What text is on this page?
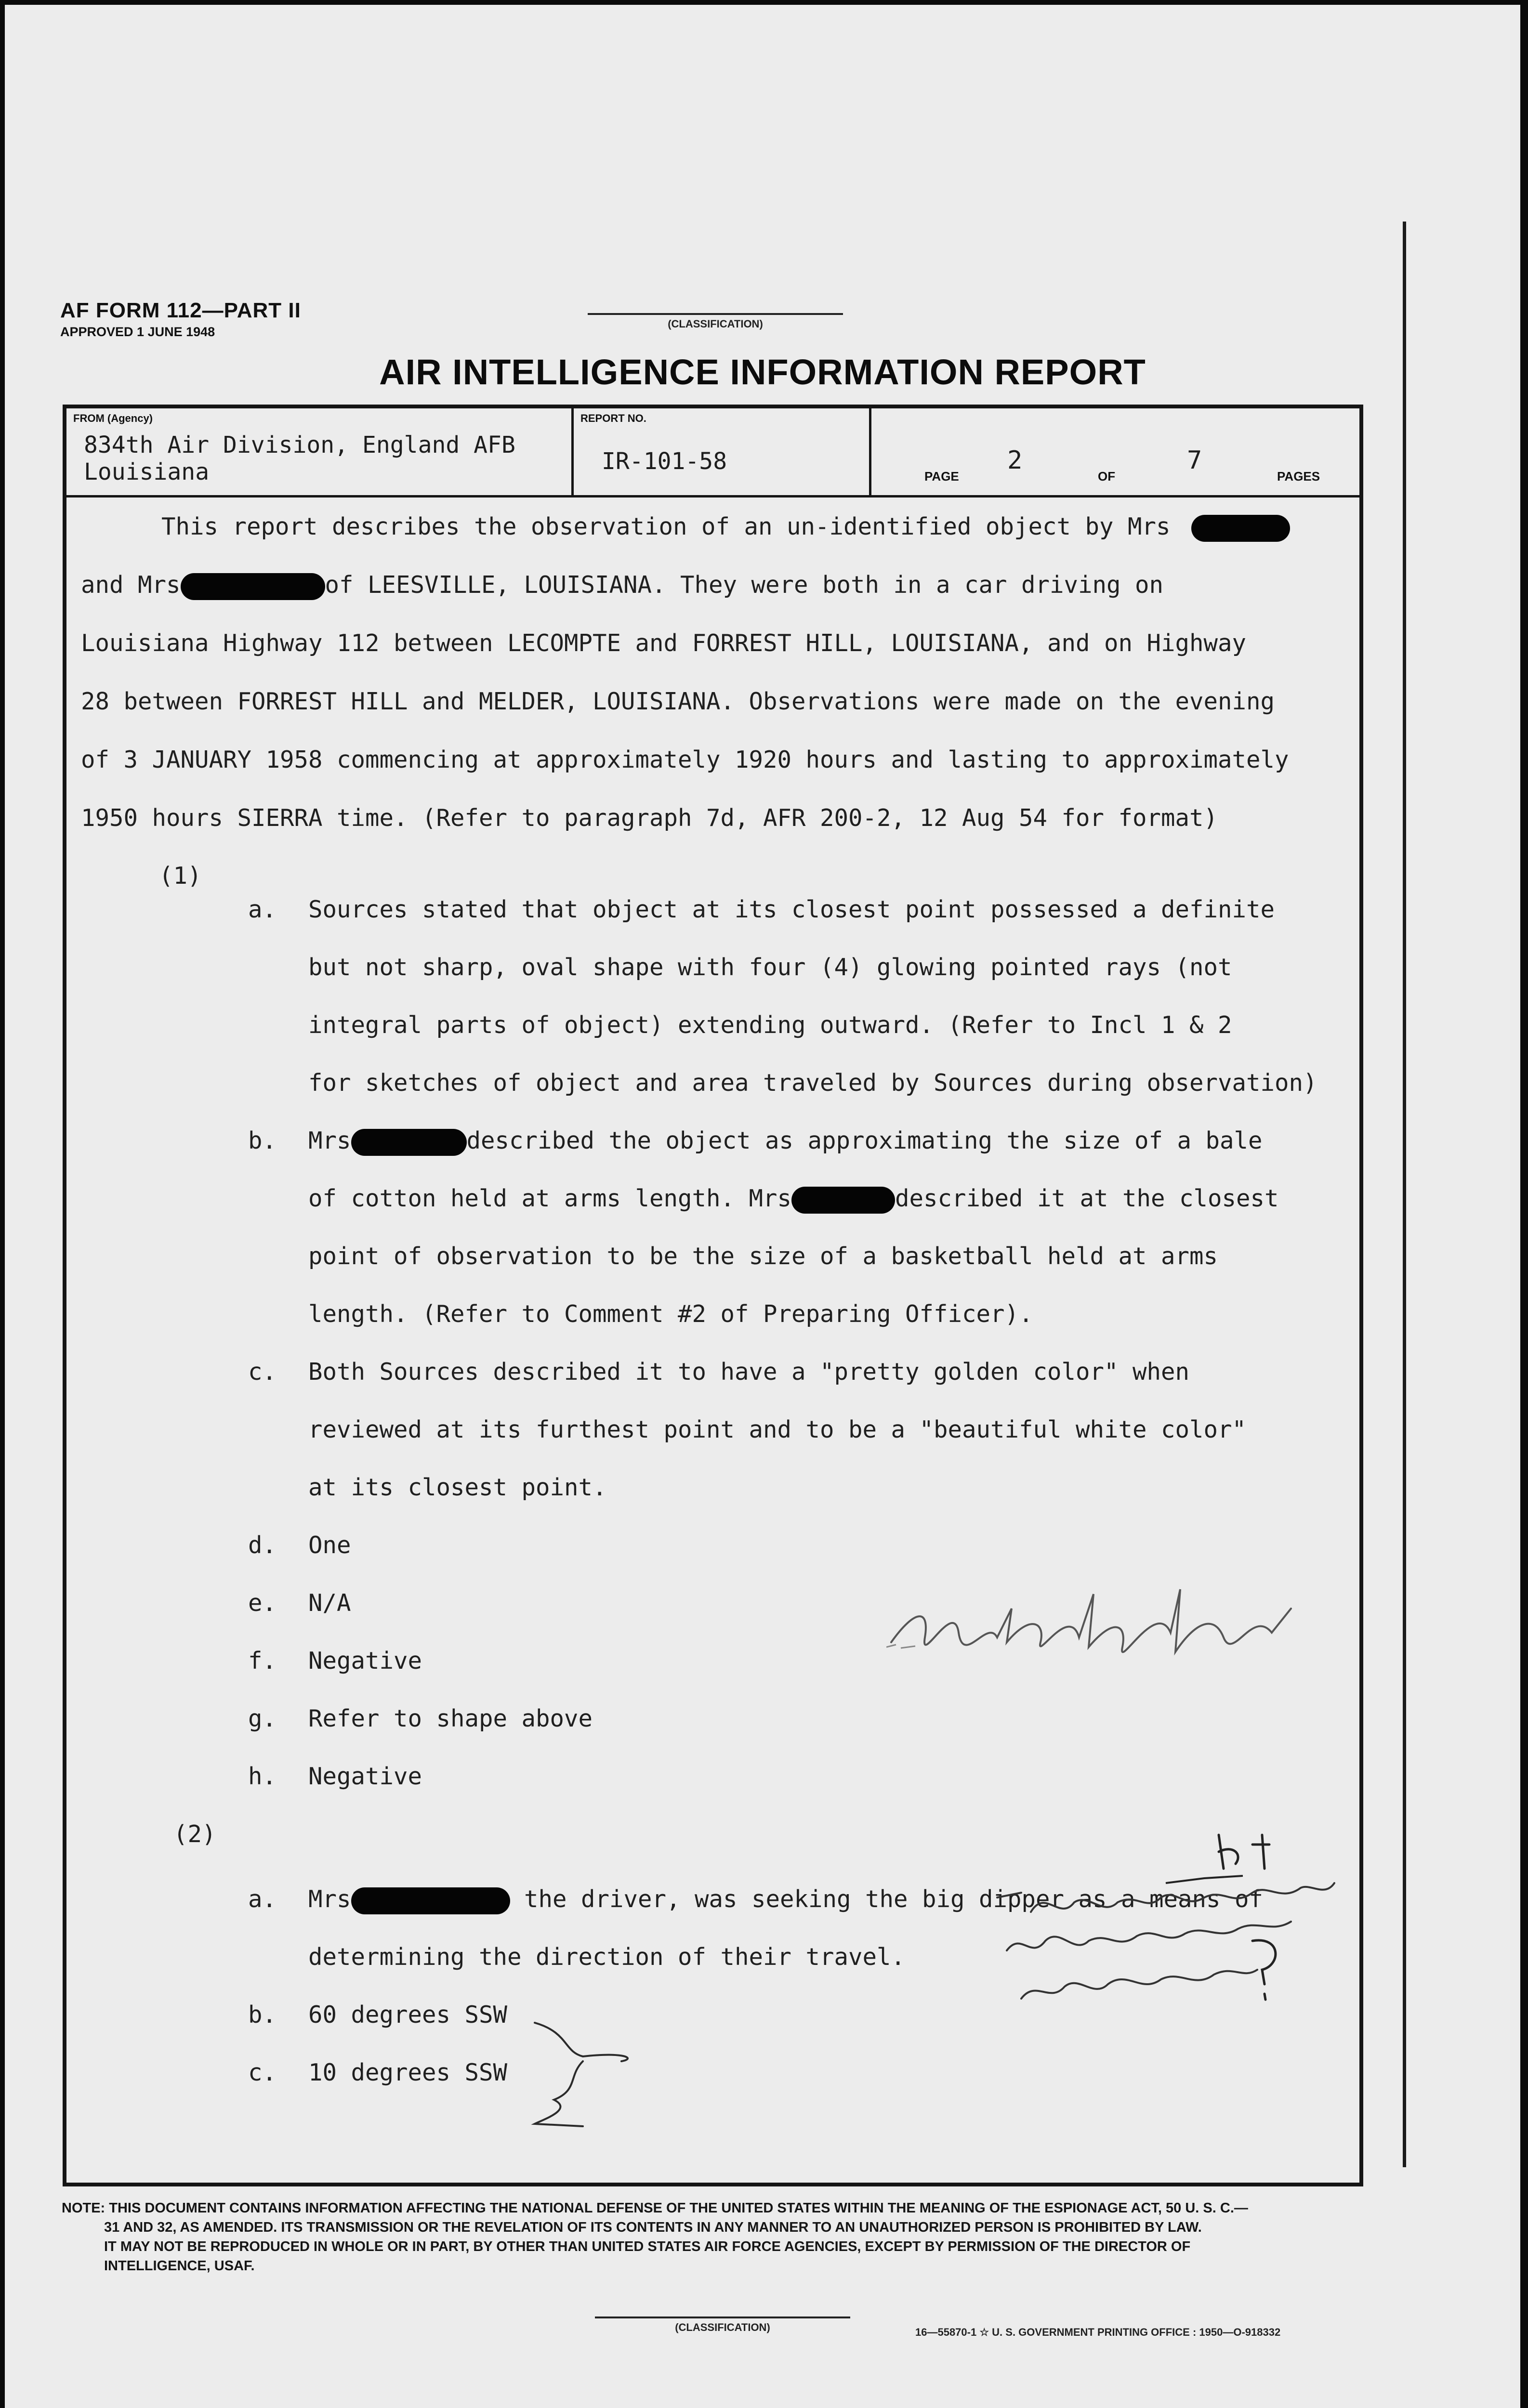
AF FORM 112—PART II
APPROVED 1 JUNE 1948
(CLASSIFICATION)
AIR INTELLIGENCE INFORMATION REPORT
FROM (Agency)
834th Air Division, England AFB
Louisiana
REPORT NO.
IR-101-58
PAGE
2
OF
7
PAGES
This report describes the observation of an un-identified object by Mrs
and Mrs	of LEESVILLE, LOUISIANA. They were both in a car driving on
Louisiana Highway 112 between LECOMPTE and FORREST HILL, LOUISIANA, and on Highway
28 between FORREST HILL and MELDER, LOUISIANA. Observations were made on the evening
of 3 JANUARY 1958 commencing at approximately 1920 hours and lasting to approximately
1950 hours SIERRA time. (Refer to paragraph 7d, AFR 200-2, 12 Aug 54 for format)
(1)
a. Sources stated that object at its closest point possessed a definite
but not sharp, oval shape with four (4) glowing pointed rays (not
integral parts of object) extending outward. (Refer to Incl 1 & 2
for sketches of object and area traveled by Sources during observation)
b. Mrs	described the object as approximating the size of a bale
of cotton held at arms length. Mrs	described it at the closest
point of observation to be the size of a basketball held at arms
length. (Refer to Comment #2 of Preparing Officer).
c. Both Sources described it to have a "pretty golden color" when
reviewed at its furthest point and to be a "beautiful white color"
at its closest point.
d. One
e. N/A
f. Negative
g. Refer to shape above
h. Negative
(2)
a. Mrs	the driver, was seeking the big dipper as a means of
determining the direction of their travel.
b. 60 degrees SSW
c. 10 degrees SSW
NOTE: THIS DOCUMENT CONTAINS INFORMATION AFFECTING THE NATIONAL DEFENSE OF THE UNITED STATES WITHIN THE MEANING OF THE ESPIONAGE ACT, 50 U. S. C.—
31 AND 32, AS AMENDED. ITS TRANSMISSION OR THE REVELATION OF ITS CONTENTS IN ANY MANNER TO AN UNAUTHORIZED PERSON IS PROHIBITED BY LAW.
IT MAY NOT BE REPRODUCED IN WHOLE OR IN PART, BY OTHER THAN UNITED STATES AIR FORCE AGENCIES, EXCEPT BY PERMISSION OF THE DIRECTOR OF
INTELLIGENCE, USAF.
(CLASSIFICATION)	16—55870-1 ☆ U. S. GOVERNMENT PRINTING OFFICE : 1950—O-918332
